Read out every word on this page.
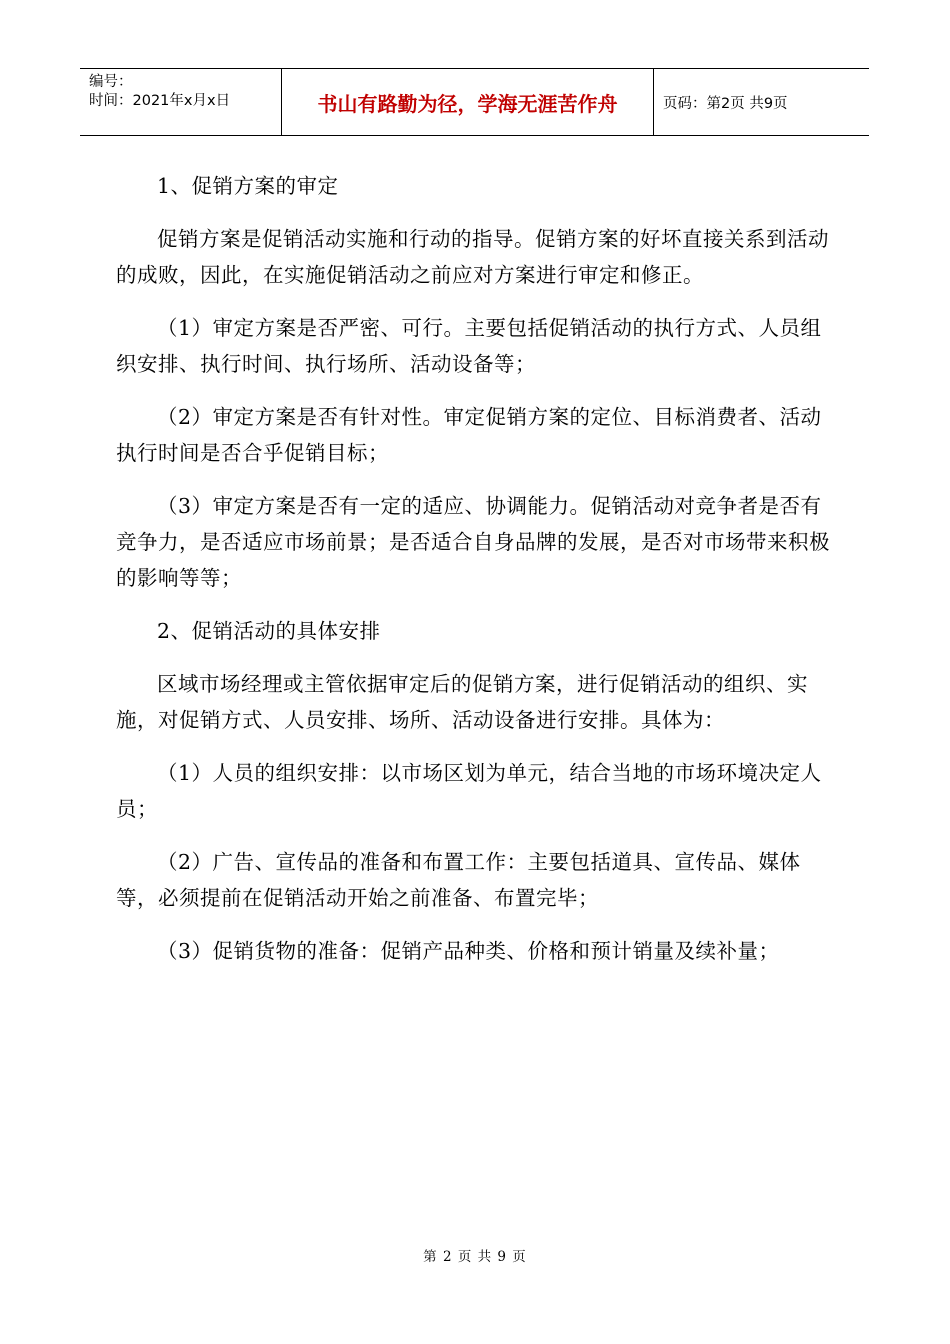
编号：
时间：2021年x月x日	书山有路勤为径，学海无涯苦作舟	页码：第2页 共9页

1、促销方案的审定

促销方案是促销活动实施和行动的指导。促销方案的好坏直接关系到活动的成败，因此，在实施促销活动之前应对方案进行审定和修正。

（1）审定方案是否严密、可行。主要包括促销活动的执行方式、人员组织安排、执行时间、执行场所、活动设备等；

（2）审定方案是否有针对性。审定促销方案的定位、目标消费者、活动执行时间是否合乎促销目标；

（3）审定方案是否有一定的适应、协调能力。促销活动对竞争者是否有竞争力，是否适应市场前景；是否适合自身品牌的发展，是否对市场带来积极的影响等等；

2、促销活动的具体安排

区域市场经理或主管依据审定后的促销方案，进行促销活动的组织、实施，对促销方式、人员安排、场所、活动设备进行安排。具体为：

（1）人员的组织安排：以市场区划为单元，结合当地的市场环境决定人员；

（2）广告、宣传品的准备和布置工作：主要包括道具、宣传品、媒体等，必须提前在促销活动开始之前准备、布置完毕；

（3）促销货物的准备：促销产品种类、价格和预计销量及续补量；

第 2 页 共 9 页
